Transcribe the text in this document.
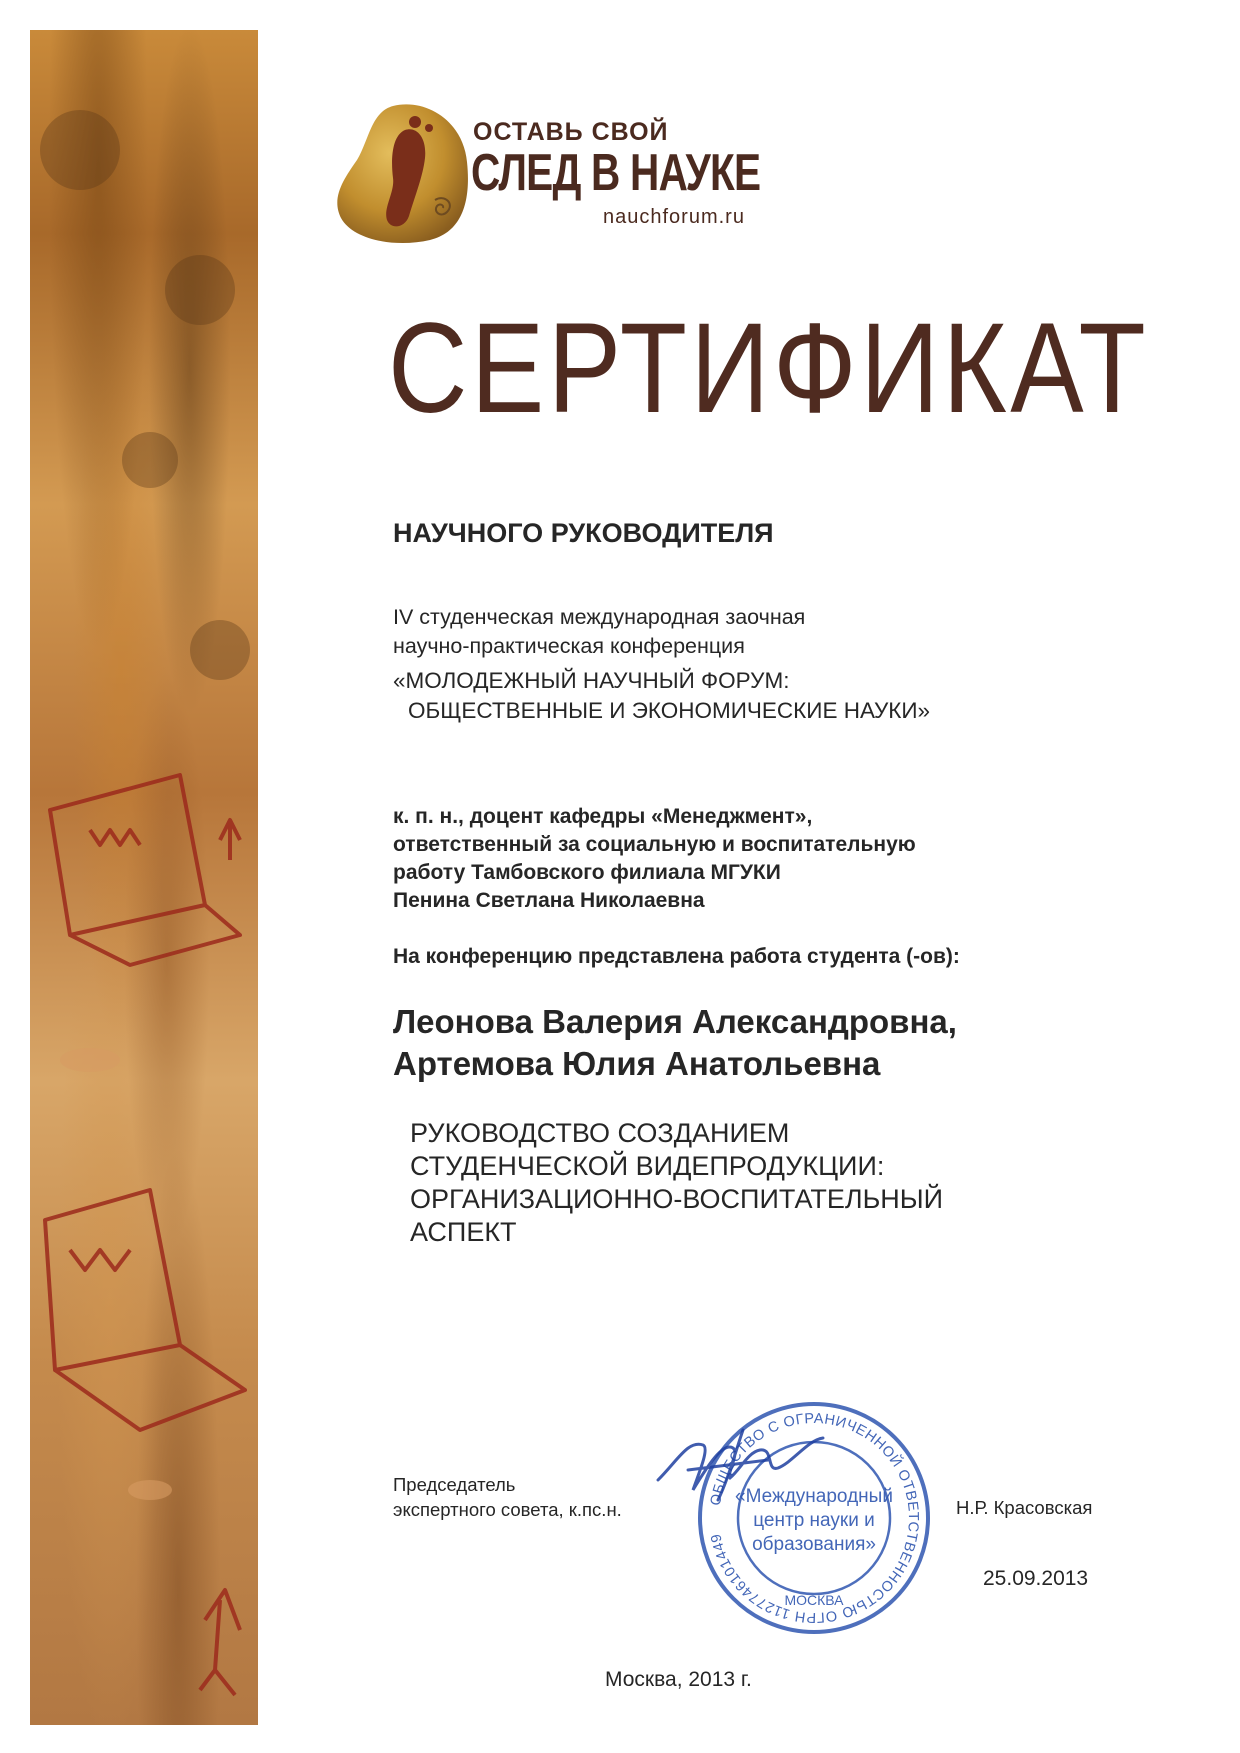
ОСТАВЬ СВОЙ
СЛЕД В НАУКЕ
nauchforum.ru
СЕРТИФИКАТ
НАУЧНОГО РУКОВОДИТЕЛЯ
IV студенческая международная заочная
научно-практическая конференция
«МОЛОДЕЖНЫЙ НАУЧНЫЙ ФОРУМ:
ОБЩЕСТВЕННЫЕ И ЭКОНОМИЧЕСКИЕ НАУКИ»
к. п. н., доцент кафедры «Менеджмент»,
ответственный за социальную и воспитательную
работу Тамбовского филиала МГУКИ
Пенина Светлана Николаевна
На конференцию представлена работа студента (-ов):
Леонова Валерия Александровна,
Артемова Юлия Анатольевна
РУКОВОДСТВО СОЗДАНИЕМ
СТУДЕНЧЕСКОЙ ВИДЕПРОДУКЦИИ:
ОРГАНИЗАЦИОННО-ВОСПИТАТЕЛЬНЫЙ
АСПЕКТ
Председатель
экспертного совета, к.пс.н.	ОБЩЕСТВО С ОГРАНИЧЕННОЙ ОТВЕТСТВЕННОСТЬЮ ОГРН 1127746101449
МОСКВА
«Международный
центр науки и
образования»
Н.Р. Красовская
25.09.2013
Москва, 2013 г.
